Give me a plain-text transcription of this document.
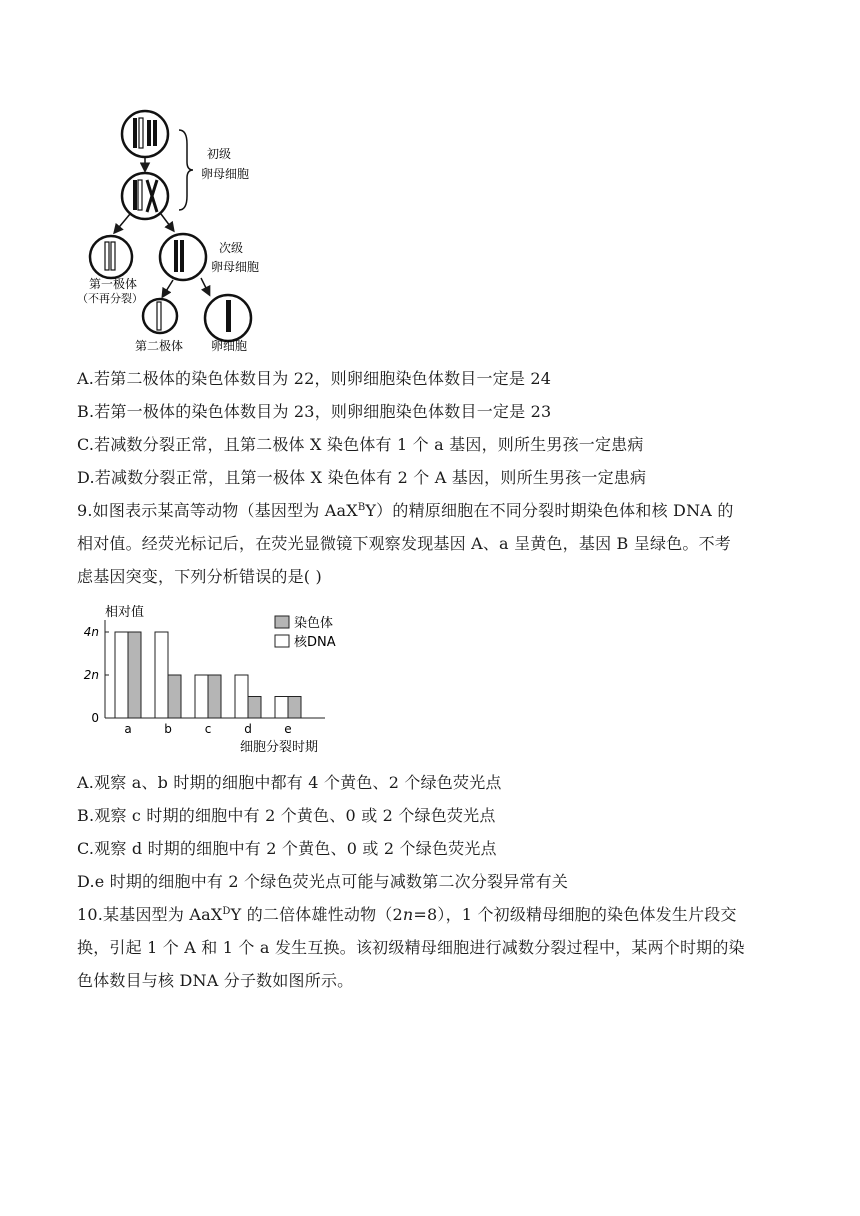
初级
卵母细胞
第一极体
（不再分裂）
次级
卵母细胞
第二极体 卵细胞
A.若第二极体的染色体数目为 22，则卵细胞染色体数目一定是 24
B.若第一极体的染色体数目为 23，则卵细胞染色体数目一定是 23
C.若减数分裂正常，且第二极体 X 染色体有 1 个 a 基因，则所生男孩一定患病
D.若减数分裂正常，且第一极体 X 染色体有 2 个 A 基因，则所生男孩一定患病
9.如图表示某高等动物（基因型为 AaX$^B$Y）的精原细胞在不同分裂时期染色体和核 DNA 的
相对值。经荧光标记后，在荧光显微镜下观察发现基因 A、a 呈黄色，基因 B 呈绿色。不考
虑基因突变，下列分析错误的是( )
相对值
细胞分裂时期
染色体
核DNA
0
2n
4n
a	b	c	d	e
A.观察 a、b 时期的细胞中都有 4 个黄色、2 个绿色荧光点
B.观察 c 时期的细胞中有 2 个黄色、0 或 2 个绿色荧光点
C.观察 d 时期的细胞中有 2 个黄色、0 或 2 个绿色荧光点
D.e 时期的细胞中有 2 个绿色荧光点可能与减数第二次分裂异常有关
10.某基因型为 AaX$^D$Y 的二倍体雄性动物（2n=8），1 个初级精母细胞的染色体发生片段交
换，引起 1 个 A 和 1 个 a 发生互换。该初级精母细胞进行减数分裂过程中，某两个时期的染
色体数目与核 DNA 分子数如图所示。
